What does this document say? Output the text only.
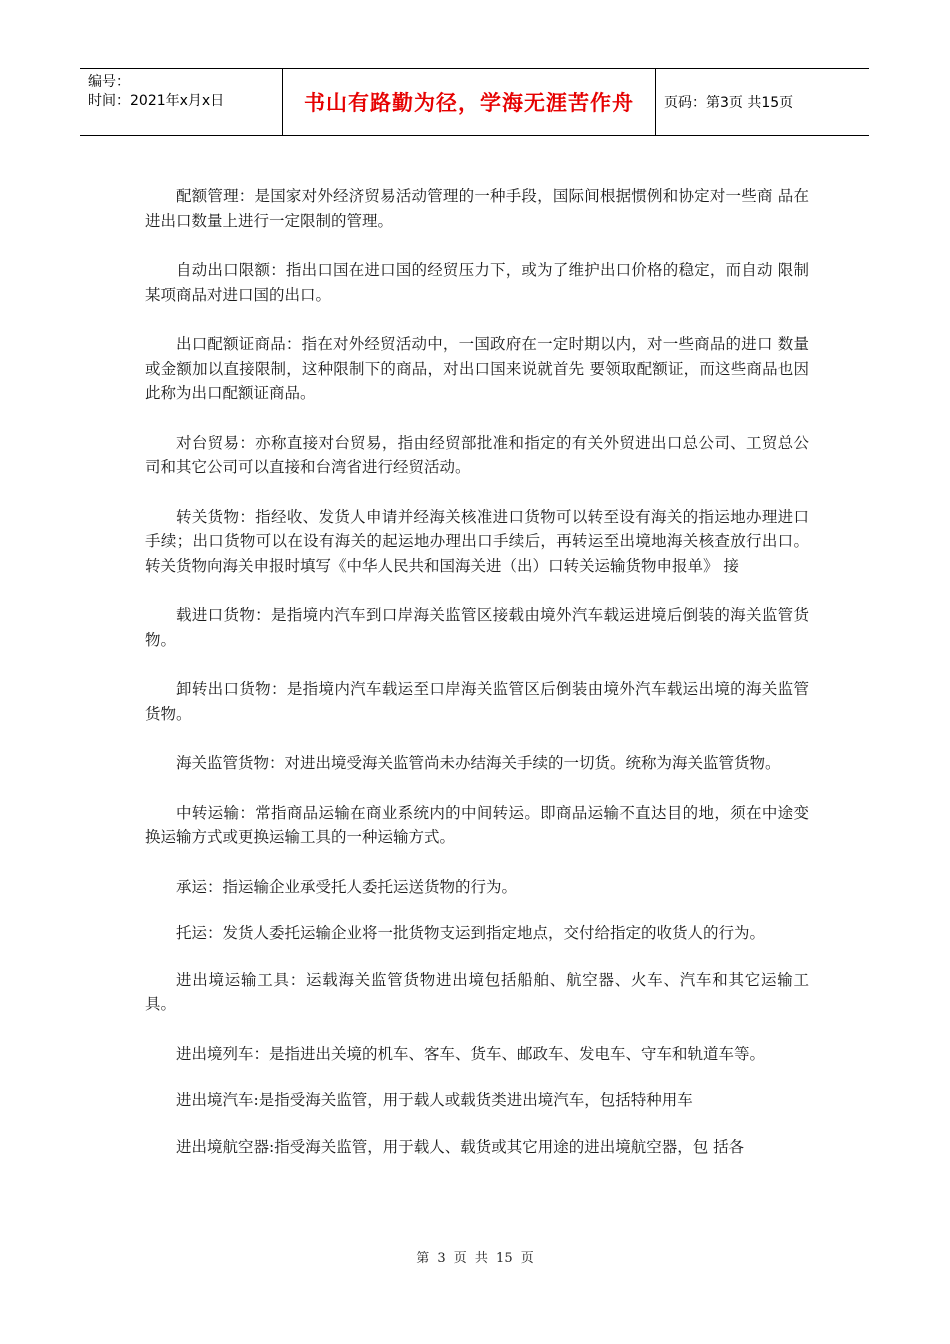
编号：
时间：2021年x月x日	书山有路勤为径，学海无涯苦作舟	页码：第3页 共15页

配额管理：是国家对外经济贸易活动管理的一种手段，国际间根据惯例和协定对一些商 品在进出口数量上进行一定限制的管理。

自动出口限额：指出口国在进口国的经贸压力下，或为了维护出口价格的稳定，而自动 限制某项商品对进口国的出口。

出口配额证商品：指在对外经贸活动中，一国政府在一定时期以内，对一些商品的进口 数量或金额加以直接限制，这种限制下的商品，对出口国来说就首先 要领取配额证，而这些商品也因此称为出口配额证商品。

对台贸易：亦称直接对台贸易，指由经贸部批准和指定的有关外贸进出口总公司、工贸总公司和其它公司可以直接和台湾省进行经贸活动。

转关货物：指经收、发货人申请并经海关核准进口货物可以转至设有海关的指运地办理进口手续；出口货物可以在设有海关的起运地办理出口手续后，再转运至出境地海关核查放行出口。转关货物向海关申报时填写《中华人民共和国海关进（出）口转关运输货物申报单》 接

载进口货物：是指境内汽车到口岸海关监管区接载由境外汽车载运进境后倒装的海关监管货物。

卸转出口货物：是指境内汽车载运至口岸海关监管区后倒装由境外汽车载运出境的海关监管货物。

海关监管货物：对进出境受海关监管尚未办结海关手续的一切货。统称为海关监管货物。

中转运输：常指商品运输在商业系统内的中间转运。即商品运输不直达目的地，须在中途变换运输方式或更换运输工具的一种运输方式。

承运：指运输企业承受托人委托运送货物的行为。

托运：发货人委托运输企业将一批货物支运到指定地点，交付给指定的收货人的行为。

进出境运输工具：运载海关监管货物进出境包括船舶、航空器、火车、汽车和其它运输工具。

进出境列车：是指进出关境的机车、客车、货车、邮政车、发电车、守车和轨道车等。

进出境汽车:是指受海关监管，用于载人或载货类进出境汽车，包括特种用车

进出境航空器:指受海关监管，用于载人、载货或其它用途的进出境航空器，包 括各

第 3 页 共 15 页
